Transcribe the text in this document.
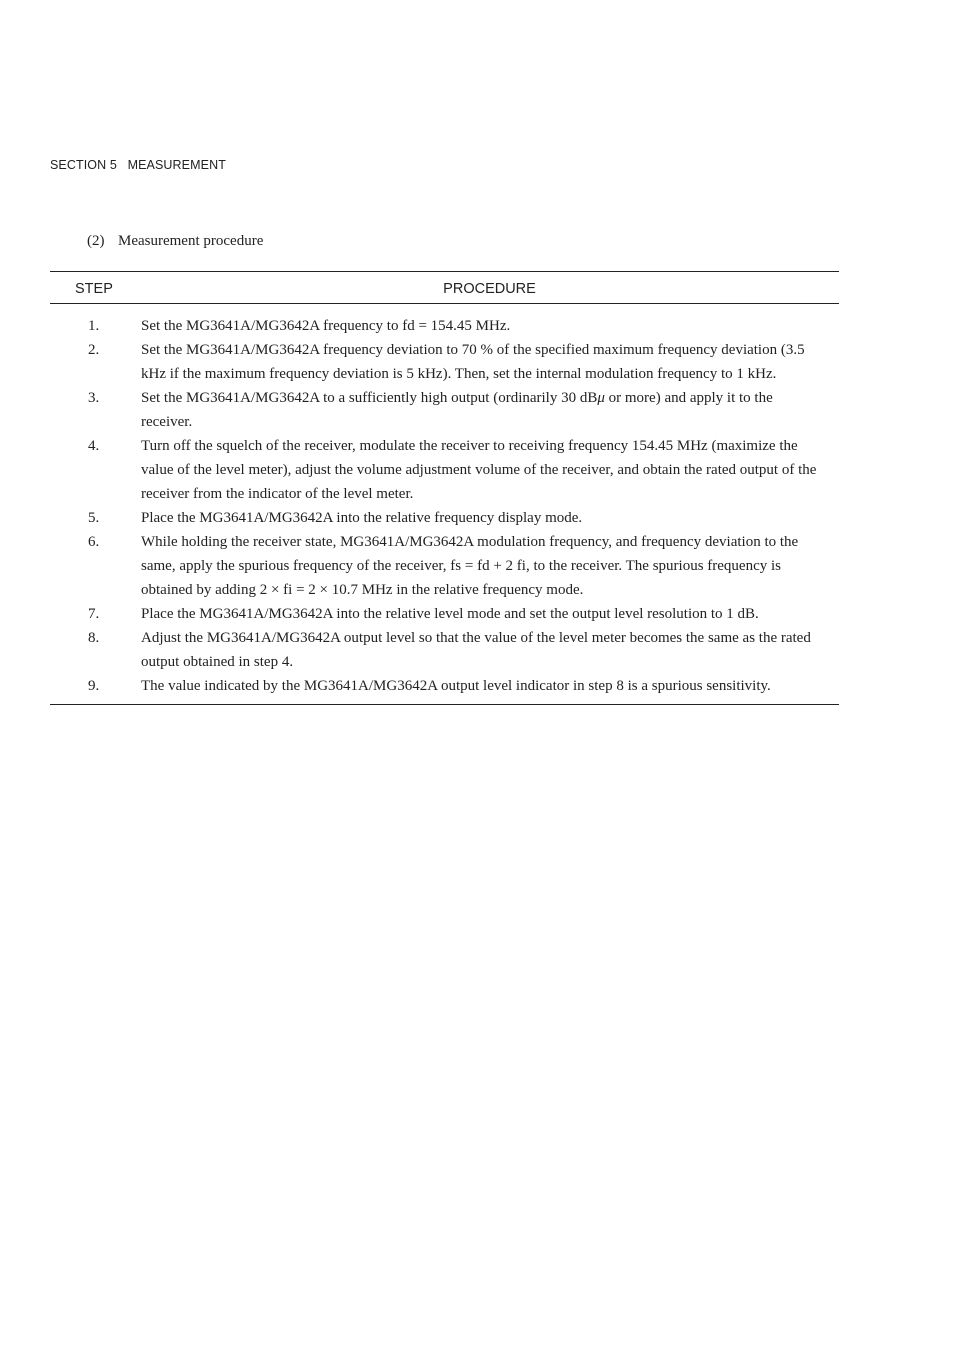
SECTION 5   MEASUREMENT
(2) Measurement procedure
STEP	PROCEDURE
1.	Set the MG3641A/MG3642A frequency to fd = 154.45 MHz.
2.	Set the MG3641A/MG3642A frequency deviation to 70 % of the specified maximum frequency deviation (3.5 kHz if the maximum frequency deviation is 5 kHz). Then, set the internal modulation frequency to 1 kHz.
3.	Set the MG3641A/MG3642A to a sufficiently high output (ordinarily 30 dBμ or more) and apply it to the receiver.
4.	Turn off the squelch of the receiver, modulate the receiver to receiving frequency 154.45 MHz (maximize the value of the level meter), adjust the volume adjustment volume of the receiver, and obtain the rated output of the receiver from the indicator of the level meter.
5.	Place the MG3641A/MG3642A into the relative frequency display mode.
6.	While holding the receiver state, MG3641A/MG3642A modulation frequency, and frequency deviation to the same, apply the spurious frequency of the receiver, fs = fd + 2 fi, to the receiver. The spurious frequency is obtained by adding 2 × fi = 2 × 10.7 MHz in the relative frequency mode.
7.	Place the MG3641A/MG3642A into the relative level mode and set the output level resolution to 1 dB.
8.	Adjust the MG3641A/MG3642A output level so that the value of the level meter becomes the same as the rated output obtained in step 4.
9.	The value indicated by the MG3641A/MG3642A output level indicator in step 8 is a spurious sensitivity.
